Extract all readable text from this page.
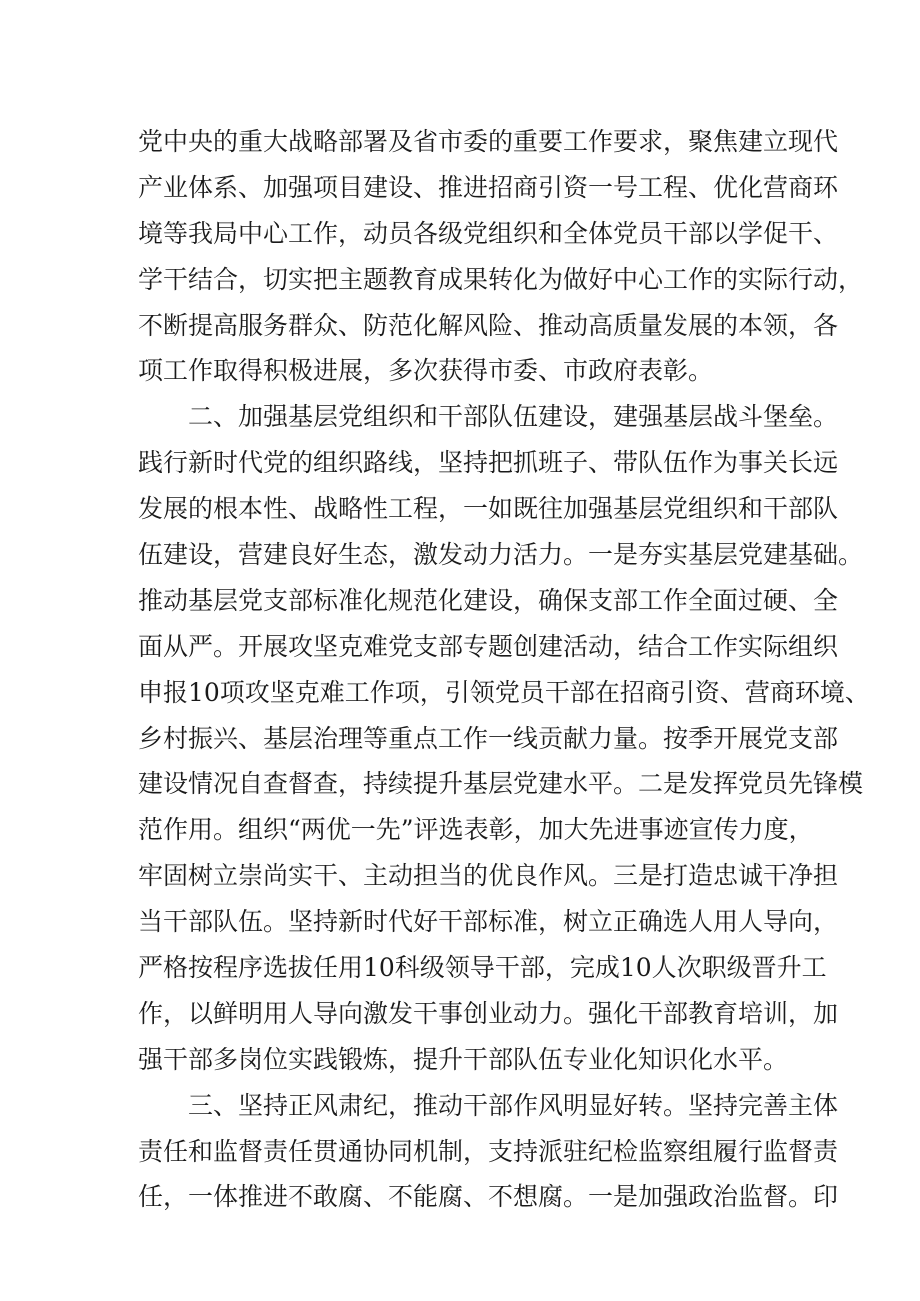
党中央的重大战略部署及省市委的重要工作要求，聚焦建立现代
产业体系、加强项目建设、推进招商引资一号工程、优化营商环
境等我局中心工作，动员各级党组织和全体党员干部以学促干、
学干结合，切实把主题教育成果转化为做好中心工作的实际行动，
不断提高服务群众、防范化解风险、推动高质量发展的本领，各
项工作取得积极进展，多次获得市委、市政府表彰。
二、加强基层党组织和干部队伍建设，建强基层战斗堡垒。
践行新时代党的组织路线，坚持把抓班子、带队伍作为事关长远
发展的根本性、战略性工程，一如既往加强基层党组织和干部队
伍建设，营建良好生态，激发动力活力。一是夯实基层党建基础。
推动基层党支部标准化规范化建设，确保支部工作全面过硬、全
面从严。开展攻坚克难党支部专题创建活动，结合工作实际组织
申报10项攻坚克难工作项，引领党员干部在招商引资、营商环境、
乡村振兴、基层治理等重点工作一线贡献力量。按季开展党支部
建设情况自查督查，持续提升基层党建水平。二是发挥党员先锋模
范作用。组织“两优一先”评选表彰，加大先进事迹宣传力度，
牢固树立崇尚实干、主动担当的优良作风。三是打造忠诚干净担
当干部队伍。坚持新时代好干部标准，树立正确选人用人导向，
严格按程序选拔任用10科级领导干部，完成10人次职级晋升工
作，以鲜明用人导向激发干事创业动力。强化干部教育培训，加
强干部多岗位实践锻炼，提升干部队伍专业化知识化水平。
三、坚持正风肃纪，推动干部作风明显好转。坚持完善主体
责任和监督责任贯通协同机制，支持派驻纪检监察组履行监督责
任，一体推进不敢腐、不能腐、不想腐。一是加强政治监督。印
